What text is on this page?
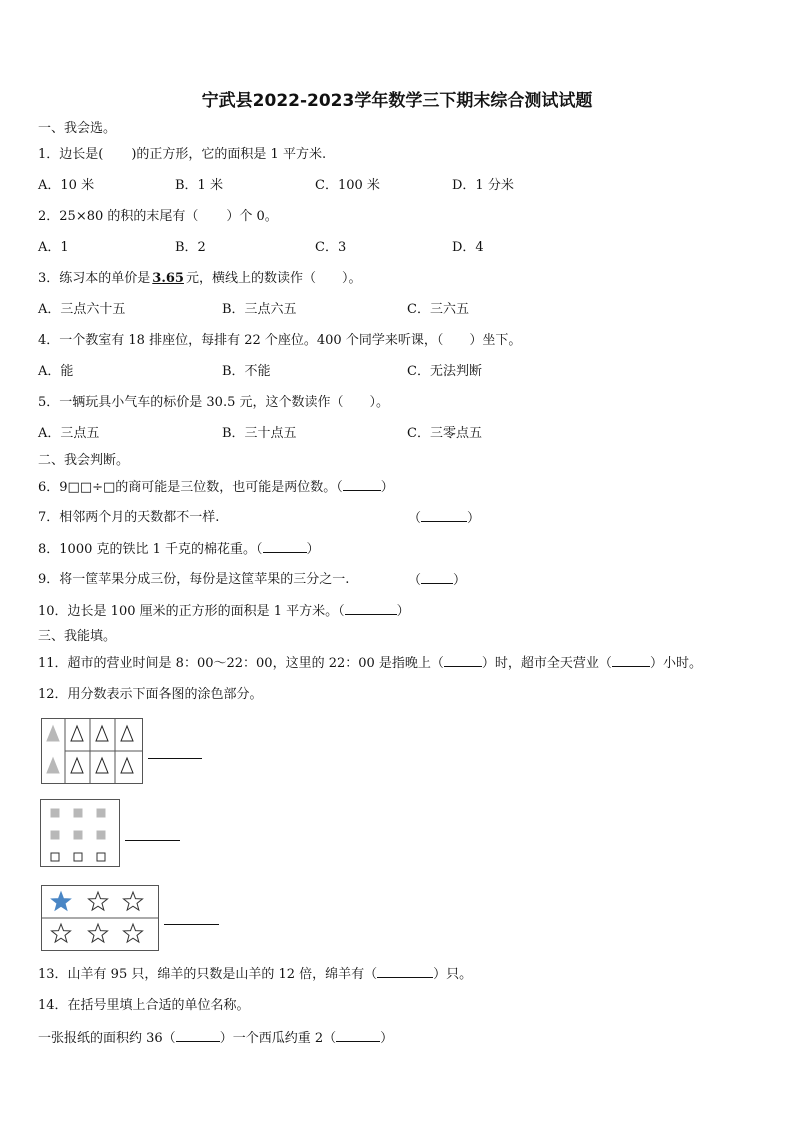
宁武县2022-2023学年数学三下期末综合测试试题
一、我会选。
1．边长是( )的正方形，它的面积是 1 平方米.
A．10 米	B．1 米	C．100 米	D．1 分米
2．25×80 的积的末尾有（ ）个 0。
A．1	B．2	C．3	D．4
3．练习本的单价是 3.65 元，横线上的数读作（ ）。
A．三点六十五	B．三点六五	C．三六五
4．一个教室有 18 排座位，每排有 22 个座位。400 个同学来听课，（ ）坐下。
A．能	B．不能	C．无法判断
5．一辆玩具小气车的标价是 30.5 元，这个数读作（ ）。
A．三点五	B．三十点五	C．三零点五
二、我会判断。
6．9□□÷□的商可能是三位数，也可能是两位数。（	）
7．相邻两个月的天数都不一样.	（	）
8．1000 克的铁比 1 千克的棉花重。（	）
9．将一筐苹果分成三份，每份是这筐苹果的三分之一.	（ ）
10．边长是 100 厘米的正方形的面积是 1 平方米。（	）
三、我能填。
11．超市的营业时间是 8：00～22：00，这里的 22：00 是指晚上（	）时，超市全天营业（	）小时。
12．用分数表示下面各图的涂色部分。
13．山羊有 95 只，绵羊的只数是山羊的 12 倍，绵羊有（	）只。
14．在括号里填上合适的单位名称。
一张报纸的面积约 36（	）一个西瓜约重 2（	）
